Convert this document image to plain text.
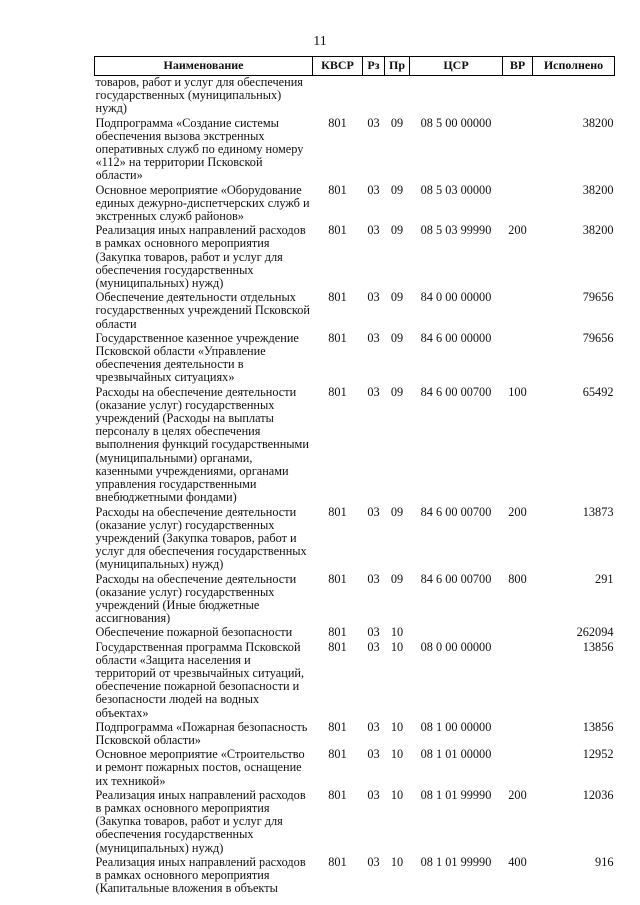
11
Наименование	КВСР	Рз	Пр	ЦСР	ВР	Исполнено
товаров, работ и услуг для обеспечения государственных (муниципальных) нужд)						
Подпрограмма «Создание системы обеспечения вызова экстренных оперативных служб по единому номеру «112» на территории Псковской области»	801	03	09	08 5 00 00000		38200
Основное мероприятие «Оборудование единых дежурно-диспетчерских служб и экстренных служб районов»	801	03	09	08 5 03 00000		38200
Реализация иных направлений расходов в рамках основного мероприятия (Закупка товаров, работ и услуг для обеспечения государственных (муниципальных) нужд)	801	03	09	08 5 03 99990	200	38200
Обеспечение деятельности отдельных государственных учреждений Псковской области	801	03	09	84 0 00 00000		79656
Государственное казенное учреждение Псковской области «Управление обеспечения деятельности в чрезвычайных ситуациях»	801	03	09	84 6 00 00000		79656
Расходы на обеспечение деятельности (оказание услуг) государственных учреждений (Расходы на выплаты персоналу в целях обеспечения выполнения функций государственными (муниципальными) органами, казенными учреждениями, органами управления государственными внебюджетными фондами)	801	03	09	84 6 00 00700	100	65492
Расходы на обеспечение деятельности (оказание услуг) государственных учреждений (Закупка товаров, работ и услуг для обеспечения государственных (муниципальных) нужд)	801	03	09	84 6 00 00700	200	13873
Расходы на обеспечение деятельности (оказание услуг) государственных учреждений (Иные бюджетные ассигнования)	801	03	09	84 6 00 00700	800	291
Обеспечение пожарной безопасности	801	03	10			262094
Государственная программа Псковской области «Защита населения и территорий от чрезвычайных ситуаций, обеспечение пожарной безопасности и безопасности людей на водных объектах»	801	03	10	08 0 00 00000		13856
Подпрограмма «Пожарная безопасность Псковской области»	801	03	10	08 1 00 00000		13856
Основное мероприятие «Строительство и ремонт пожарных постов, оснащение их техникой»	801	03	10	08 1 01 00000		12952
Реализация иных направлений расходов в рамках основного мероприятия (Закупка товаров, работ и услуг для обеспечения государственных (муниципальных) нужд)	801	03	10	08 1 01 99990	200	12036
Реализация иных направлений расходов в рамках основного мероприятия (Капитальные вложения в объекты	801	03	10	08 1 01 99990	400	916
